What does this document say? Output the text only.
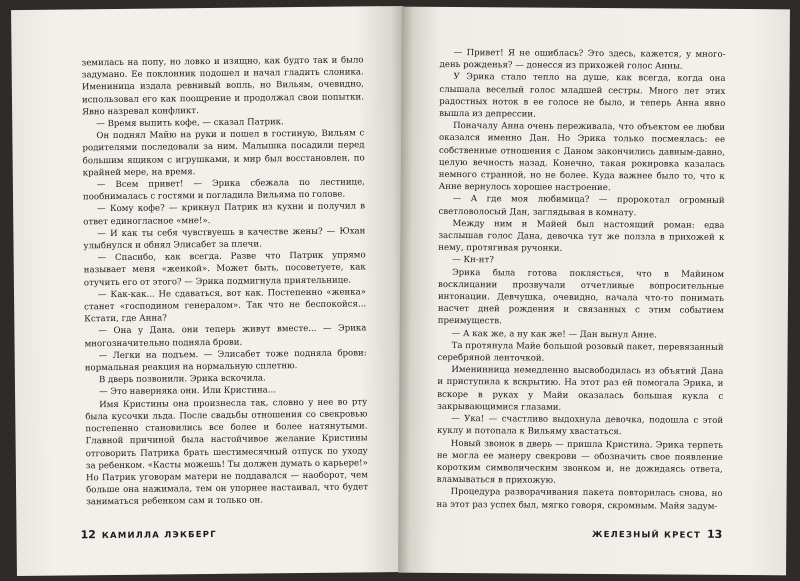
земилась на попу, но ловко и изящно, как будто так и было задумано. Ее поклонник подошел и начал гладить слоника. Имениница издала ревнивый вопль, но Вильям, очевидно, использовал его как поощрение и продолжал свои попытки. Явно назревал конфликт.

— Время выпить кофе, — сказал Патрик.

Он поднял Майю на руки и пошел в гостиную, Вильям с родителями последовали за ним. Малышка посадили перед большим ящиком с игрушками, и мир был восстановлен, по крайней мере, на время.

— Всем привет! — Эрика сбежала по лестнице, пообнималась с гостями и погладила Вильяма по голове.

— Кому кофе? — крикнул Патрик из кухни и получил в ответ единогласное «мне!».

— И как ты себя чувствуешь в качестве жены? — Юхан улыбнулся и обнял Элисабет за плечи.

— Спасибо, как всегда. Разве что Патрик упрямо называет меня «женкой». Может быть, посоветуете, как отучить его от этого? — Эрика подмигнула приятельнице.

— Как-как... Не сдаваться, вот как. Постепенно «женка» станет «господином генералом». Так что не беспокойся... Кстати, где Анна?

— Она у Дана, они теперь живут вместе... — Эрика многозначительно подняла брови.

— Легки на подъем. — Элисабет тоже подняла брови: нормальная реакция на нормальную сплетню.

В дверь позвонили. Эрика вскочила.

— Это наверняка они. Или Кристина...

Имя Кристины она произнесла так, словно у нее во рту была кусочки льда. После свадьбы отношения со свекровью постепенно становились все более и более натянутыми. Главной причиной была настойчивое желание Кристины отговорить Патрика брать шестимесячный отпуск по уходу за ребенком. «Касты можешь! Ты должен думать о карьере!» Но Патрик уговорам матери не поддавался — наоборот, чем больше она нажимала, тем он упорнее настаивал, что будет заниматься ребенком сам и только он.

12 КАМИЛЛА ЛЭКБЕРГ

— Привет! Я не ошиблась? Это здесь, кажется, у много-день рожденья? — донесся из прихожей голос Анны.

У Эрика стало тепло на душе, как всегда, когда она слышала веселый голос младшей сестры. Много лет этих радостных ноток в ее голосе не было, и теперь Анна явно вышла из депрессии.

Поначалу Анна очень переживала, что объектом ее любви оказался именно Дан. Но Эрика только посмеялась: ее собственные отношения с Даном закончились давным-давно, целую вечность назад. Конечно, такая рокировка казалась немного странной, но не более. Куда важнее было то, что к Анне вернулось хорошее настроение.

— А где моя любимица? — пророкотал огромный светловолосый Дан, заглядывая в комнату.

Между ним и Майей был настоящий роман: едва заслышав голос Дана, девочка тут же ползла в прихожей к нему, протягивая ручонки.

— Кн-нт?

Эрика была готова поклясться, что в Майином восклицании прозвучали отчетливые вопросительные интонации. Девчушка, очевидно, начала что-то понимать насчет дней рождения и связанных с этим событием преимуществ.

— А как же, а ну как же! — Дан вынул Анне.

Та протянула Майе большой розовый пакет, перевязанный серебряной ленточкой.

Именинница немедленно высвободилась из объятий Дана и приступила к вскрытию. На этот раз ей помогала Эрика, и вскоре в руках у Майи оказалась большая кукла с закрывающимися глазами.

— Ука! — счастливо выдохнула девочка, подошла с этой куклу и потопала к Вильяму хвастаться.

Новый звонок в дверь — пришла Кристина. Эрика терпеть не могла ее манеру свекрови — обозначить свое появление коротким символическим звонком и, не дожидаясь ответа, вламываться в прихожую.

Процедура разворачивания пакета повторилась снова, но на этот раз успех был, мягко говоря, скромным. Майя задум-

ЖЕЛЕЗНЫЙ КРЕСТ 13
